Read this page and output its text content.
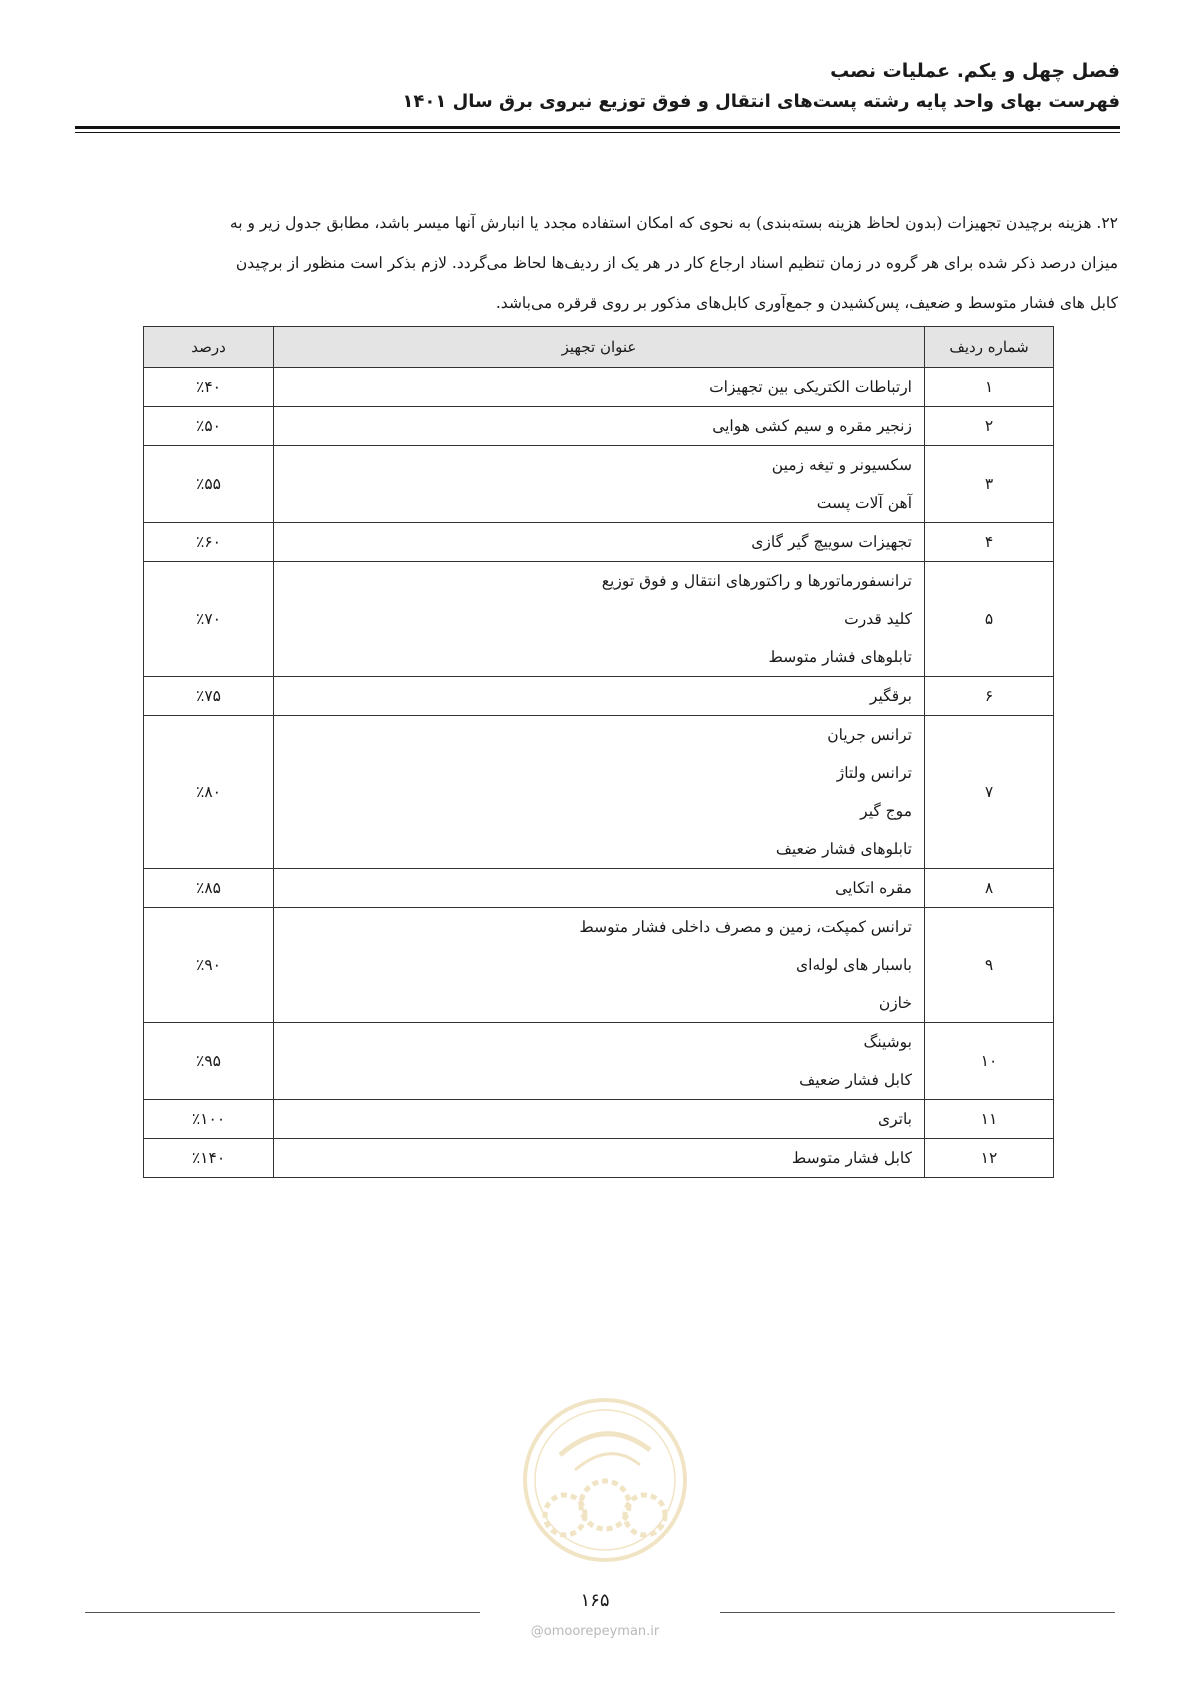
فصل چهل و یکم. عملیات نصب
فهرست بهای واحد پایه رشته پست‌های انتقال و فوق توزیع نیروی برق سال ۱۴۰۱
۲۲. هزینه برچیدن تجهیزات (بدون لحاظ هزینه بسته‌بندی) به نحوی که امکان استفاده مجدد یا انبارش آنها میسر باشد، مطابق جدول زیر و به
میزان درصد ذکر شده برای هر گروه در زمان تنظیم اسناد ارجاع کار در هر یک از ردیف‌ها لحاظ می‌گردد. لازم بذکر است منظور از برچیدن
کابل های فشار متوسط و ضعیف، پس‌کشیدن و جمع‌آوری کابل‌های مذکور بر روی قرقره می‌باشد.
شماره ردیف	عنوان تجهیز	درصد
۱	ارتباطات الکتریکی بین تجهیزات	٪۴۰
۲	زنجیر مقره و سیم کشی هوایی	٪۵۰
۳	سکسیونر و تیغه زمین
آهن آلات پست	٪۵۵
۴	تجهیزات سوییچ گیر گازی	٪۶۰
۵	ترانسفورماتورها و راکتورهای انتقال و فوق توزیع
کلید قدرت
تابلوهای فشار متوسط	٪۷۰
۶	برقگیر	٪۷۵
۷	ترانس جریان
ترانس ولتاژ
موج گیر
تابلوهای فشار ضعیف	٪۸۰
۸	مقره اتکایی	٪۸۵
۹	ترانس کمپکت، زمین و مصرف داخلی فشار متوسط
باسبار های لوله‌ای
خازن	٪۹۰
۱۰	بوشینگ
کابل فشار ضعیف	٪۹۵
۱۱	باتری	٪۱۰۰
۱۲	کابل فشار متوسط	٪۱۴۰
۱۶۵
@omoorepeyman.ir
